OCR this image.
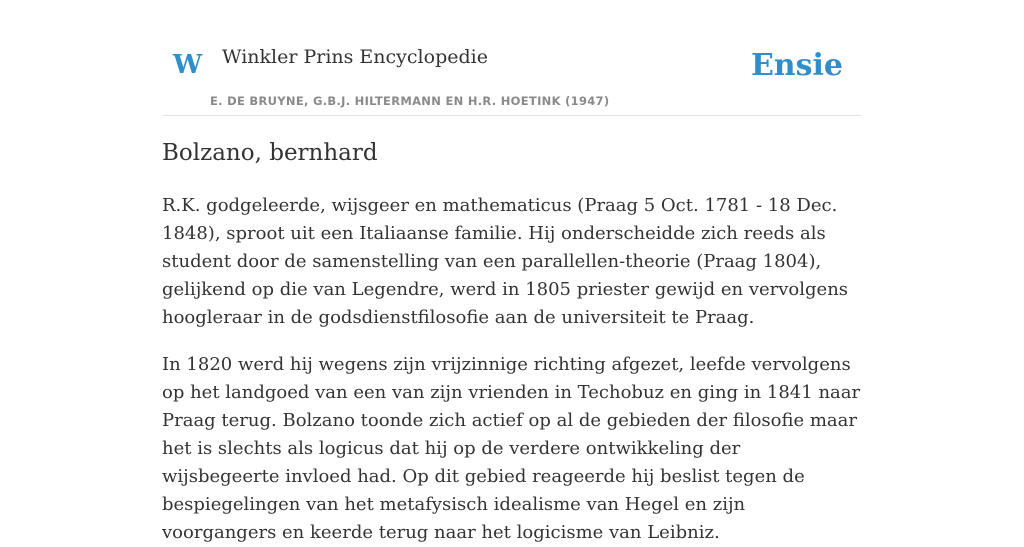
W Winkler Prins Encyclopedie
E. DE BRUYNE, G.B.J. HILTERMANN EN H.R. HOETINK (1947)
Ensie
Bolzano, bernhard

R.K. godgeleerde, wijsgeer en mathematicus (Praag 5 Oct. 1781 - 18 Dec. 1848), sproot uit een Italiaanse familie. Hij onderscheidde zich reeds als student door de samenstelling van een parallellen-theorie (Praag 1804), gelijkend op die van Legendre, werd in 1805 priester gewijd en vervolgens hoogleraar in de godsdienstfilosofie aan de universiteit te Praag.

In 1820 werd hij wegens zijn vrijzinnige richting afgezet, leefde vervolgens op het landgoed van een van zijn vrienden in Techobuz en ging in 1841 naar Praag terug. Bolzano toonde zich actief op al de gebieden der filosofie maar het is slechts als logicus dat hij op de verdere ontwikkeling der wijsbegeerte invloed had. Op dit gebied reageerde hij beslist tegen de bespiegelingen van het metafysisch idealisme van Hegel en zijn voorgangers en keerde terug naar het logicisme van Leibniz.
